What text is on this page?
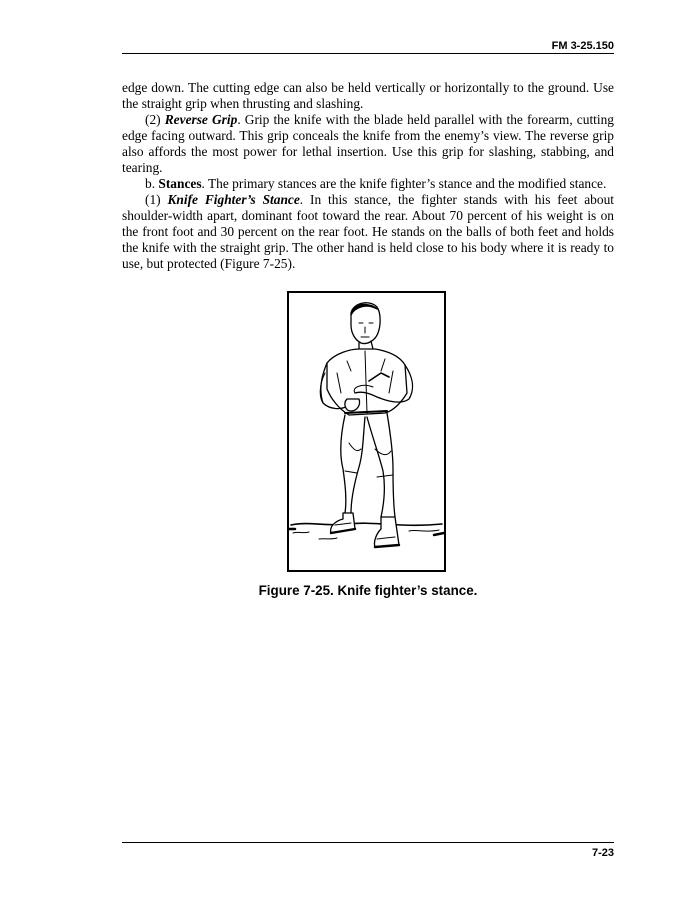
FM 3-25.150

edge down. The cutting edge can also be held vertically or horizontally to the ground. Use the straight grip when thrusting and slashing.

(2) Reverse Grip. Grip the knife with the blade held parallel with the forearm, cutting edge facing outward. This grip conceals the knife from the enemy’s view. The reverse grip also affords the most power for lethal insertion. Use this grip for slashing, stabbing, and tearing.

b. Stances. The primary stances are the knife fighter’s stance and the modified stance.

(1) Knife Fighter’s Stance. In this stance, the fighter stands with his feet about shoulder-width apart, dominant foot toward the rear. About 70 percent of his weight is on the front foot and 30 percent on the rear foot. He stands on the balls of both feet and holds the knife with the straight grip. The other hand is held close to his body where it is ready to use, but protected (Figure 7-25).

Figure 7-25. Knife fighter’s stance.
7-23
